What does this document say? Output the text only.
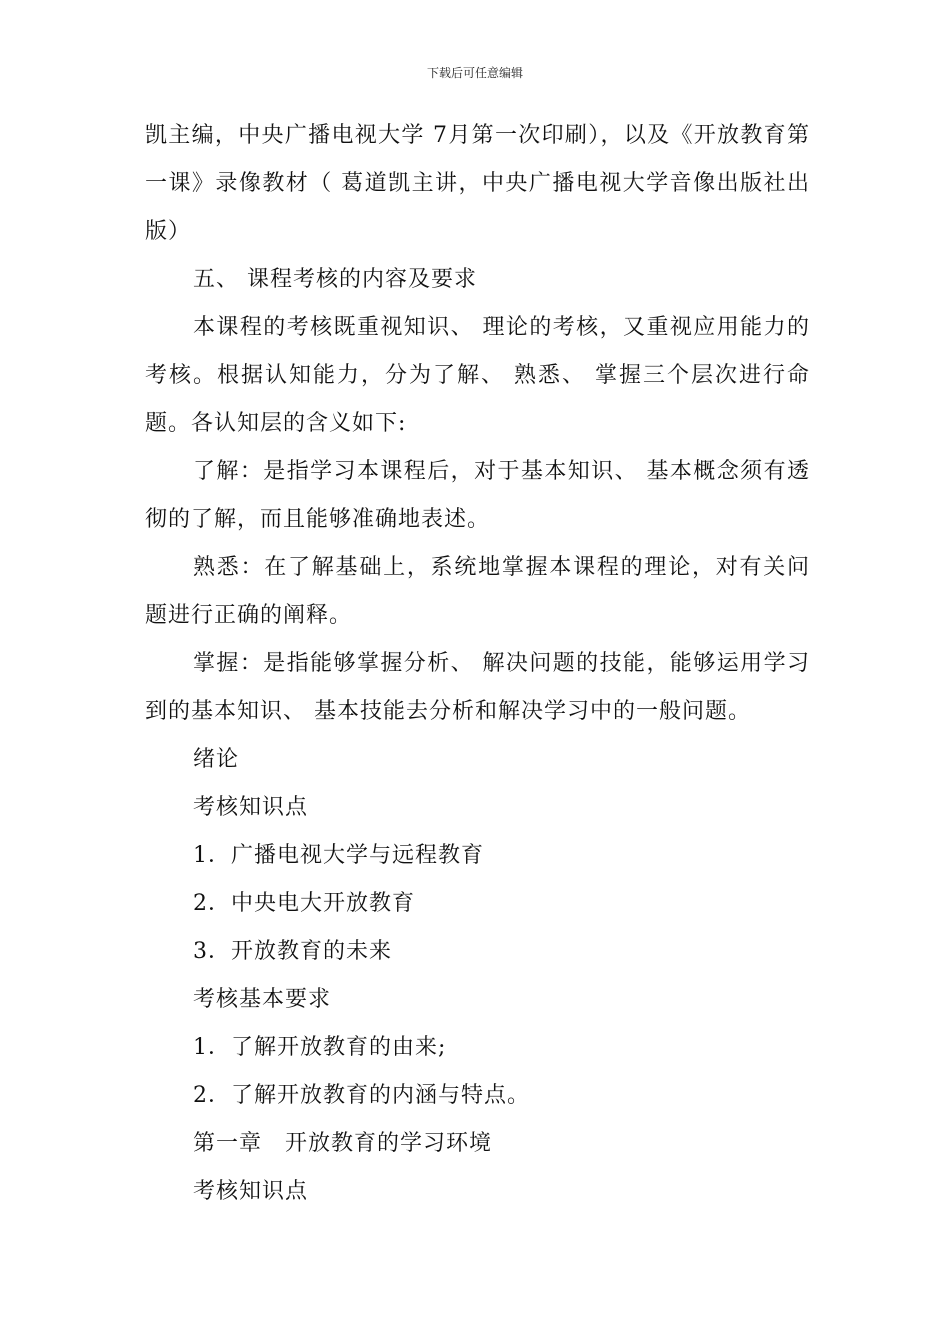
下载后可任意编辑

凯主编，中央广播电视大学 7月第一次印刷），以及《开放教育第一课》录像教材（ 葛道凯主讲，中央广播电视大学音像出版社出版）

五、 课程考核的内容及要求

本课程的考核既重视知识、 理论的考核，又重视应用能力的考核。根据认知能力，分为了解、 熟悉、 掌握三个层次进行命题。各认知层的含义如下:

了解：是指学习本课程后，对于基本知识、 基本概念须有透彻的了解，而且能够准确地表述。

熟悉：在了解基础上，系统地掌握本课程的理论，对有关问题进行正确的阐释。

掌握：是指能够掌握分析、 解决问题的技能，能够运用学习到的基本知识、 基本技能去分析和解决学习中的一般问题。

绪论

考核知识点

1．广播电视大学与远程教育

2．中央电大开放教育

3．开放教育的未来

考核基本要求

1．了解开放教育的由来;

2．了解开放教育的内涵与特点。

第一章　开放教育的学习环境

考核知识点
